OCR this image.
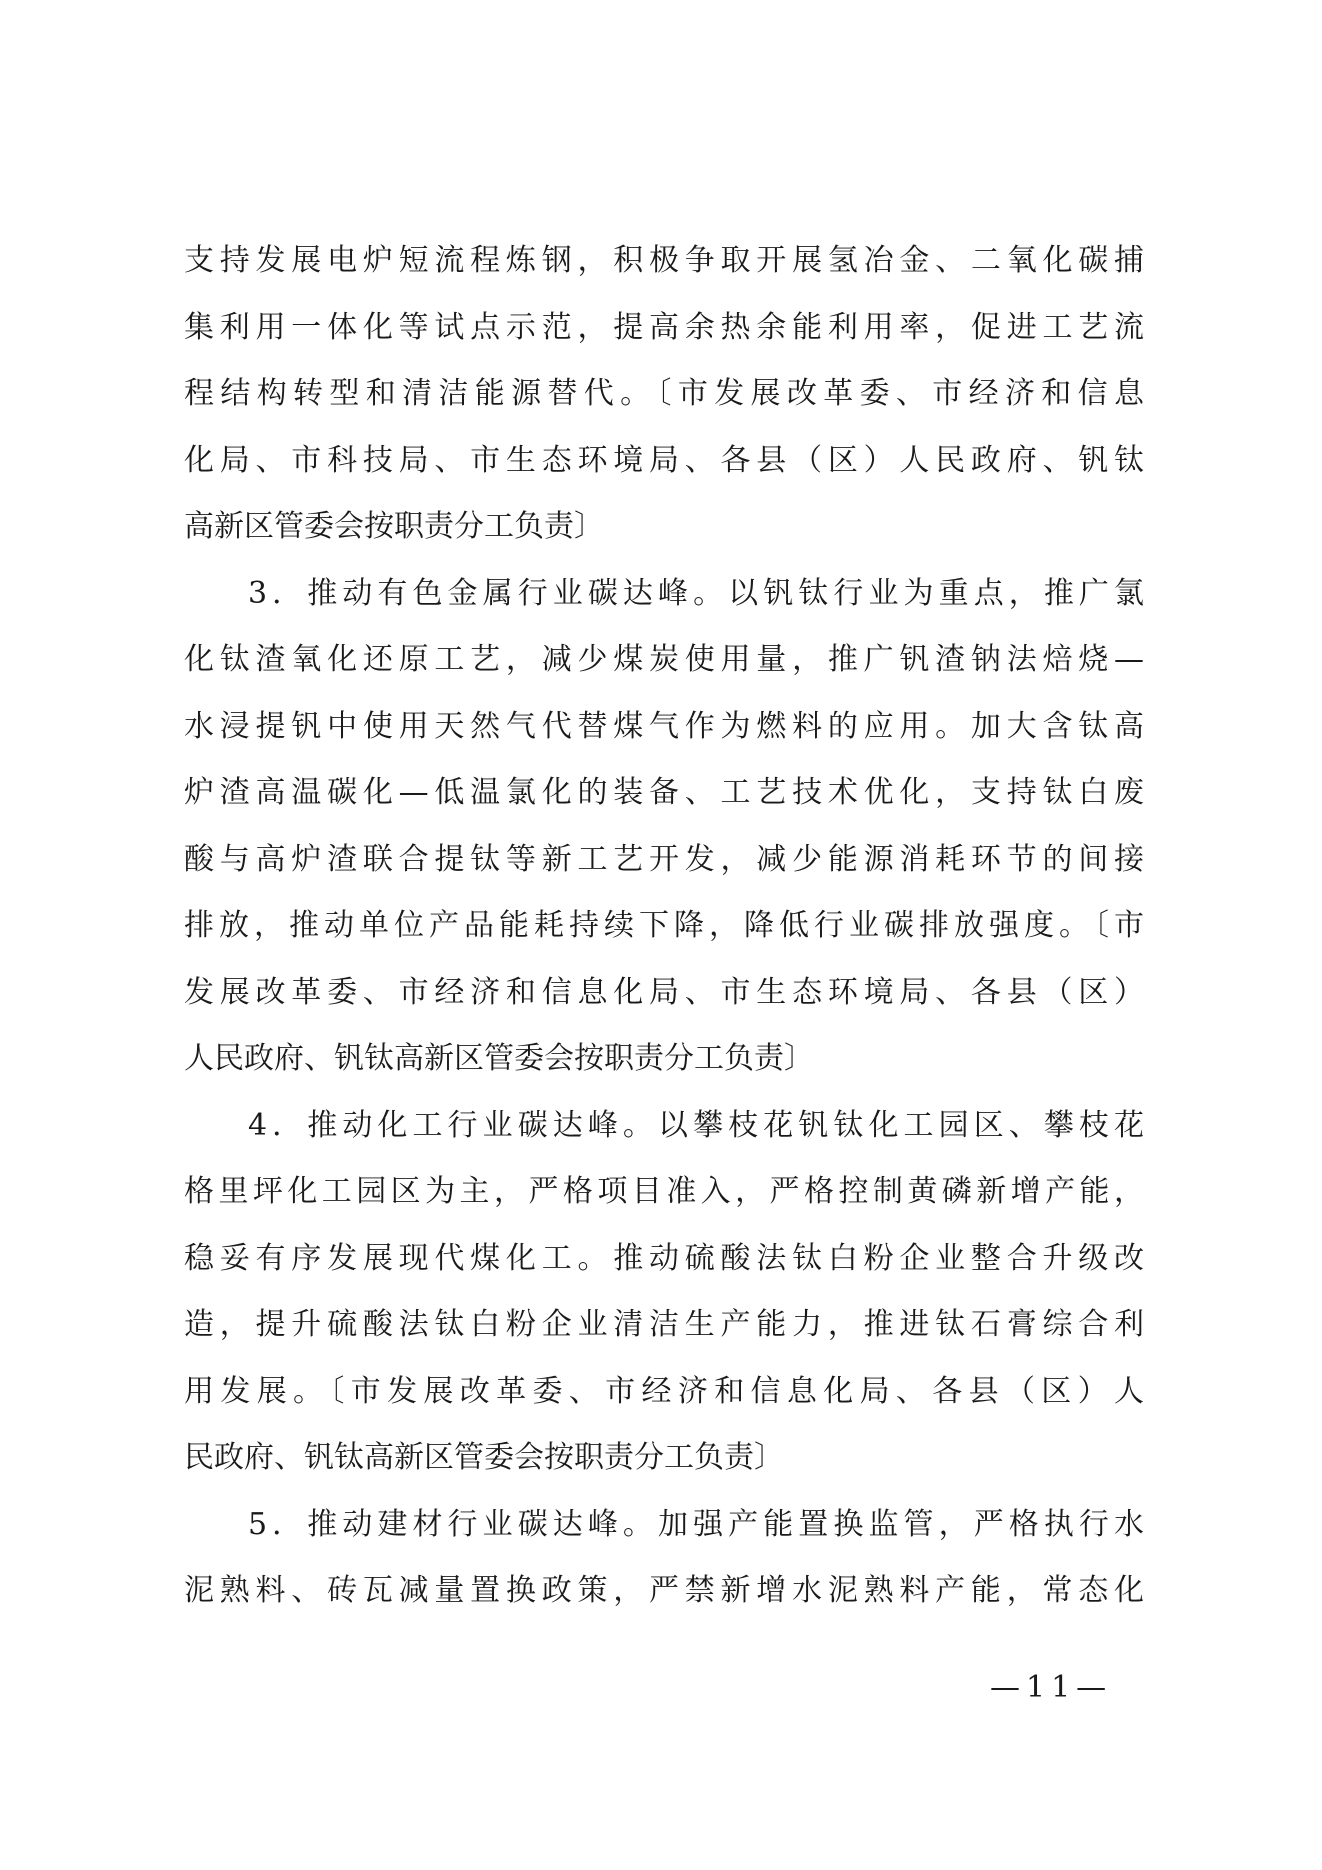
支持发展电炉短流程炼钢，积极争取开展氢冶金、二氧化碳捕
集利用一体化等试点示范，提高余热余能利用率，促进工艺流
程结构转型和清洁能源替代。〔市发展改革委、市经济和信息
化局、市科技局、市生态环境局、各县（区）人民政府、钒钛
高新区管委会按职责分工负责〕
3．推动有色金属行业碳达峰。以钒钛行业为重点，推广氯
化钛渣氧化还原工艺，减少煤炭使用量，推广钒渣钠法焙烧—
水浸提钒中使用天然气代替煤气作为燃料的应用。加大含钛高
炉渣高温碳化—低温氯化的装备、工艺技术优化，支持钛白废
酸与高炉渣联合提钛等新工艺开发，减少能源消耗环节的间接
排放，推动单位产品能耗持续下降，降低行业碳排放强度。〔市
发展改革委、市经济和信息化局、市生态环境局、各县（区）
人民政府、钒钛高新区管委会按职责分工负责〕
4．推动化工行业碳达峰。以攀枝花钒钛化工园区、攀枝花
格里坪化工园区为主，严格项目准入，严格控制黄磷新增产能，
稳妥有序发展现代煤化工。推动硫酸法钛白粉企业整合升级改
造，提升硫酸法钛白粉企业清洁生产能力，推进钛石膏综合利
用发展。〔市发展改革委、市经济和信息化局、各县（区）人
民政府、钒钛高新区管委会按职责分工负责〕
5．推动建材行业碳达峰。加强产能置换监管，严格执行水
泥熟料、砖瓦减量置换政策，严禁新增水泥熟料产能，常态化
—11—
